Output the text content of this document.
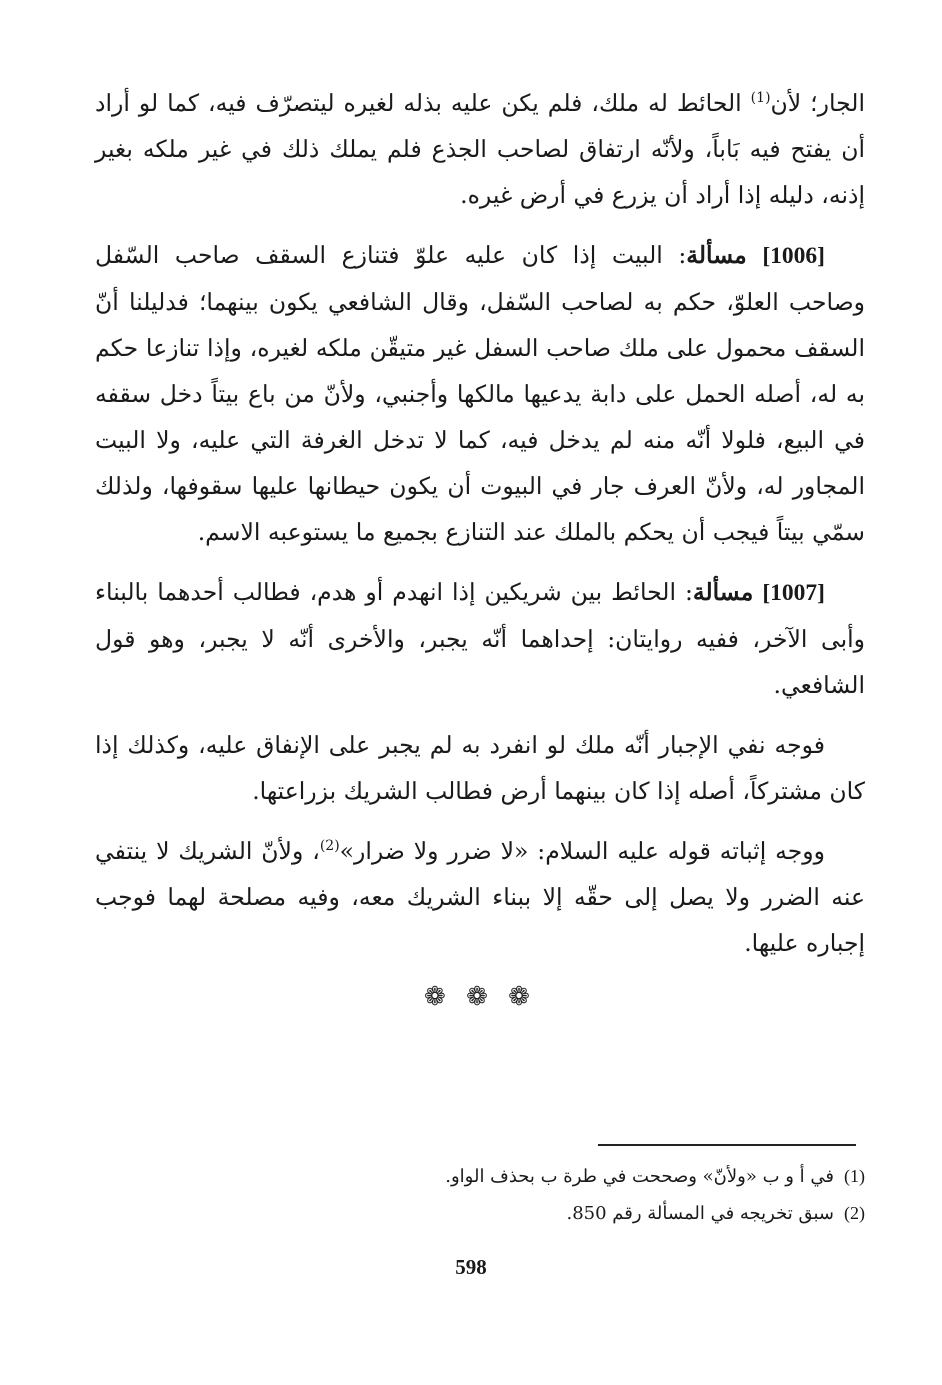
الجار؛ لأن$^{(1)}$ الحائط له ملك، فلم يكن عليه بذله لغيره ليتصرّف فيه، كما لو أراد أن يفتح فيه بَاباً، ولأنّه ارتفاق لصاحب الجذع فلم يملك ذلك في غير ملكه بغير إذنه، دليله إذا أراد أن يزرع في أرض غيره.

[1006] مسألة: البيت إذا كان عليه علوّ فتنازع السقف صاحب السّفل وصاحب العلوّ، حكم به لصاحب السّفل، وقال الشافعي يكون بينهما؛ فدليلنا أنّ السقف محمول على ملك صاحب السفل غير متيقّن ملكه لغيره، وإذا تنازعا حكم به له، أصله الحمل على دابة يدعيها مالكها وأجنبي، ولأنّ من باع بيتاً دخل سقفه في البيع، فلولا أنّه منه لم يدخل فيه، كما لا تدخل الغرفة التي عليه، ولا البيت المجاور له، ولأنّ العرف جار في البيوت أن يكون حيطانها عليها سقوفها، ولذلك سمّي بيتاً فيجب أن يحكم بالملك عند التنازع بجميع ما يستوعبه الاسم.

[1007] مسألة: الحائط بين شريكين إذا انهدم أو هدم، فطالب أحدهما بالبناء وأبى الآخر، ففيه روايتان: إحداهما أنّه يجبر، والأخرى أنّه لا يجبر، وهو قول الشافعي.

فوجه نفي الإجبار أنّه ملك لو انفرد به لم يجبر على الإنفاق عليه، وكذلك إذا كان مشتركاً، أصله إذا كان بينهما أرض فطالب الشريك بزراعتها.

ووجه إثباته قوله عليه السلام: «لا ضرر ولا ضرار»$^{(2)}$، ولأنّ الشريك لا ينتفي عنه الضرر ولا يصل إلى حقّه إلا ببناء الشريك معه، وفيه مصلحة لهما فوجب إجباره عليها.

❁ ❁ ❁

(1)في أ و ب «ولأنّ» وصححت في طرة ب بحذف الواو.

(2)سبق تخريجه في المسألة رقم 850.

598
